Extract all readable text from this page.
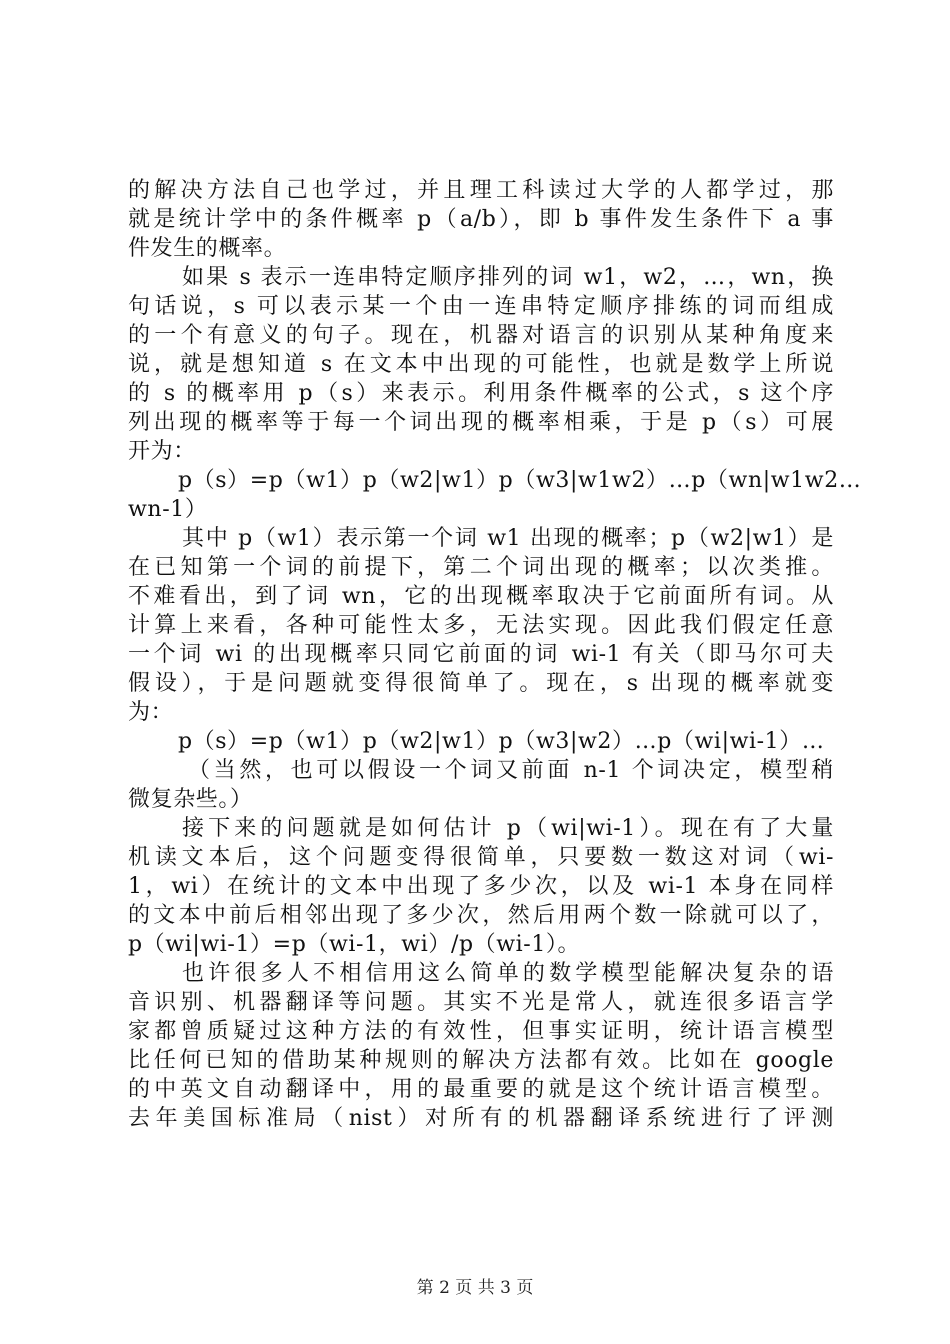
的解决方法自己也学过，并且理工科读过大学的人都学过，那
就是统计学中的条件概率 p（a/b），即 b 事件发生条件下 a 事
件发生的概率。
如果 s 表示一连串特定顺序排列的词 w1，w2，…，wn，换
句话说，s 可以表示某一个由一连串特定顺序排练的词而组成
的一个有意义的句子。现在，机器对语言的识别从某种角度来
说，就是想知道 s 在文本中出现的可能性，也就是数学上所说
的 s 的概率用 p（s）来表示。利用条件概率的公式，s 这个序
列出现的概率等于每一个词出现的概率相乘，于是 p（s）可展
开为：
p（s）=p（w1）p（w2|w1）p（w3|w1w2）…p（wn|w1w2…
wn-1）
其中 p（w1）表示第一个词 w1 出现的概率；p（w2|w1）是
在已知第一个词的前提下，第二个词出现的概率；以次类推。
不难看出，到了词 wn，它的出现概率取决于它前面所有词。从
计算上来看，各种可能性太多，无法实现。因此我们假定任意
一个词 wi 的出现概率只同它前面的词 wi-1 有关（即马尔可夫
假设），于是问题就变得很简单了。现在，s 出现的概率就变
为：
p（s）=p（w1）p（w2|w1）p（w3|w2）…p（wi|wi-1）…
（当然，也可以假设一个词又前面 n-1 个词决定，模型稍
微复杂些。）
接下来的问题就是如何估计 p（wi|wi-1）。现在有了大量
机读文本后，这个问题变得很简单，只要数一数这对词（wi-
1，wi）在统计的文本中出现了多少次，以及 wi-1 本身在同样
的文本中前后相邻出现了多少次，然后用两个数一除就可以了，
p（wi|wi-1）=p（wi-1，wi）/p（wi-1）。
也许很多人不相信用这么简单的数学模型能解决复杂的语
音识别、机器翻译等问题。其实不光是常人，就连很多语言学
家都曾质疑过这种方法的有效性，但事实证明，统计语言模型
比任何已知的借助某种规则的解决方法都有效。比如在 google
的中英文自动翻译中，用的最重要的就是这个统计语言模型。
去年美国标准局（nist）对所有的机器翻译系统进行了评测
第 2 页 共 3 页
